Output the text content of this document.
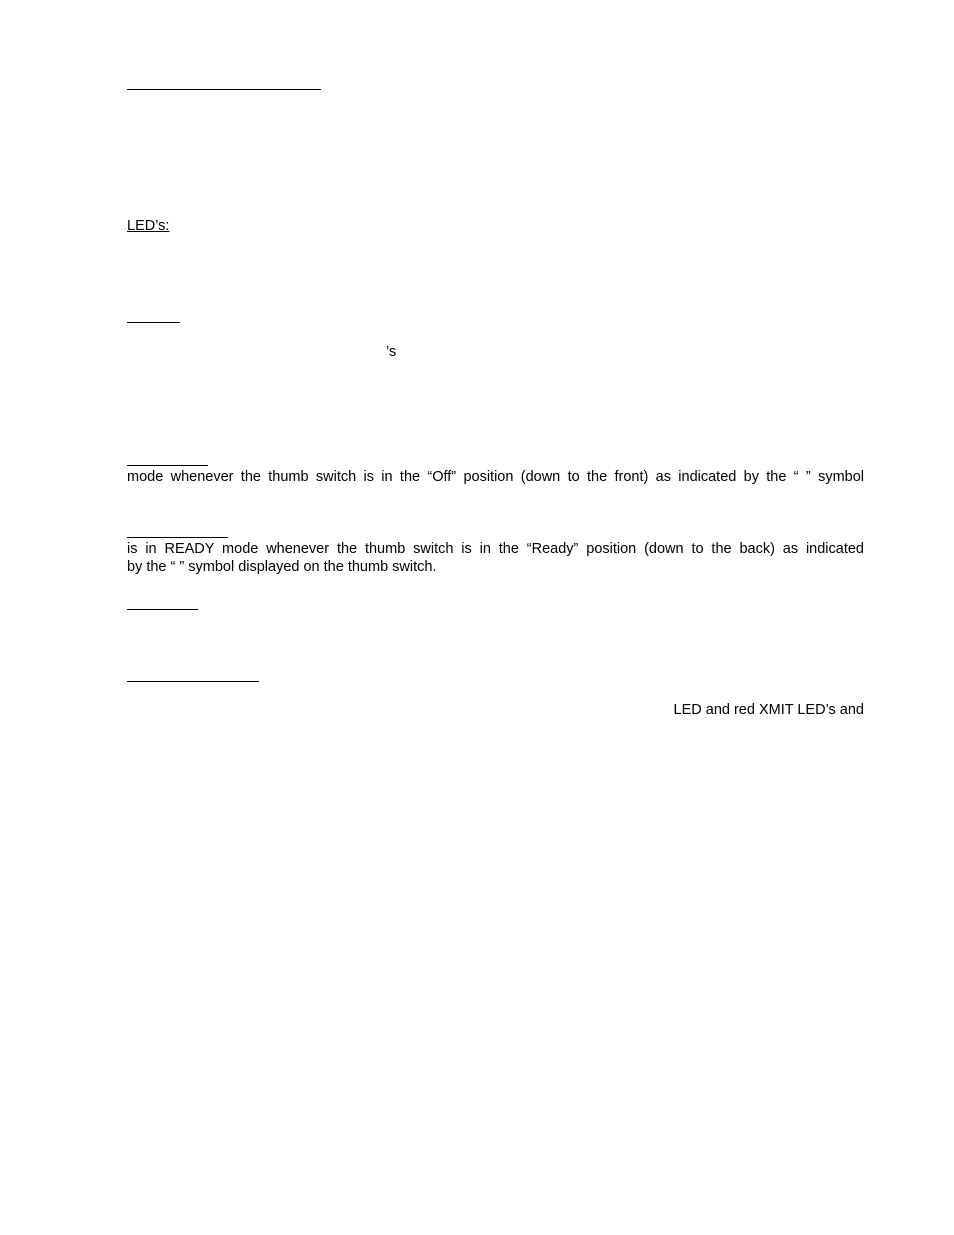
LED’s:
’s
mode whenever the thumb switch is in the “Off” position (down to the front) as indicated by the “ ” symbol
is in READY mode whenever the thumb switch is in the “Ready” position (down to the back) as indicated
by the “ ” symbol displayed on the thumb switch.
LED and red XMIT LED’s and
